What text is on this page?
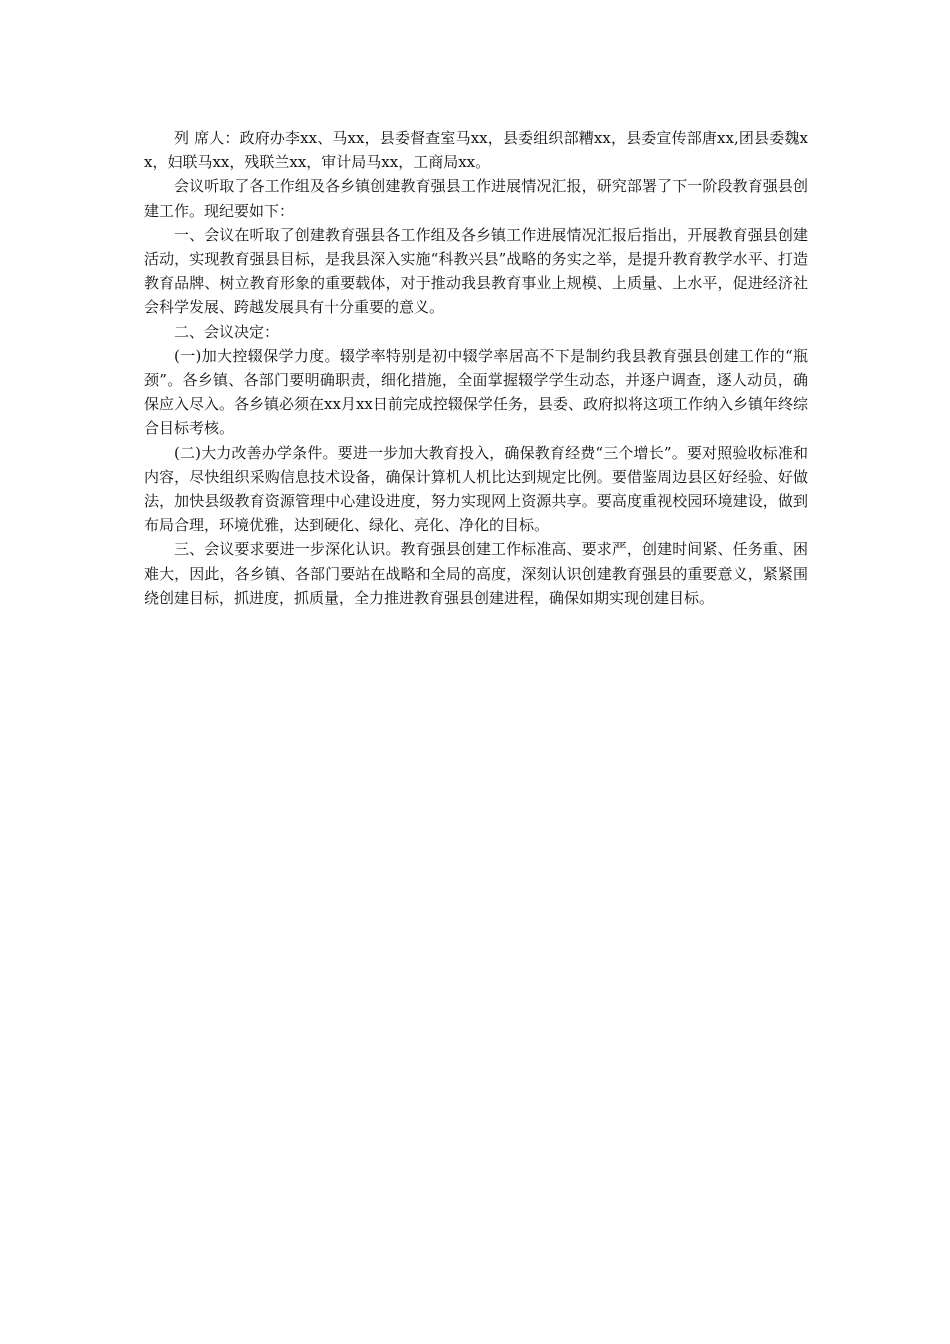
列 席人：政府办李xx、马xx，县委督查室马xx，县委组织部糟xx，县委宣传部唐xx,团县委魏xx，妇联马xx，残联兰xx，审计局马xx，工商局xx。

会议听取了各工作组及各乡镇创建教育强县工作进展情况汇报，研究部署了下一阶段教育强县创建工作。现纪要如下：

一、会议在听取了创建教育强县各工作组及各乡镇工作进展情况汇报后指出，开展教育强县创建活动，实现教育强县目标，是我县深入实施“科教兴县”战略的务实之举，是提升教育教学水平、打造教育品牌、树立教育形象的重要载体，对于推动我县教育事业上规模、上质量、上水平，促进经济社会科学发展、跨越发展具有十分重要的意义。

二、会议决定：

(一)加大控辍保学力度。辍学率特别是初中辍学率居高不下是制约我县教育强县创建工作的“瓶颈”。各乡镇、各部门要明确职责，细化措施，全面掌握辍学学生动态，并逐户调查，逐人动员，确保应入尽入。各乡镇必须在xx月xx日前完成控辍保学任务，县委、政府拟将这项工作纳入乡镇年终综合目标考核。

(二)大力改善办学条件。要进一步加大教育投入，确保教育经费“三个增长”。要对照验收标准和内容，尽快组织采购信息技术设备，确保计算机人机比达到规定比例。要借鉴周边县区好经验、好做法，加快县级教育资源管理中心建设进度，努力实现网上资源共享。要高度重视校园环境建设，做到布局合理，环境优雅，达到硬化、绿化、亮化、净化的目标。

三、会议要求要进一步深化认识。教育强县创建工作标准高、要求严，创建时间紧、任务重、困难大，因此，各乡镇、各部门要站在战略和全局的高度，深刻认识创建教育强县的重要意义，紧紧围绕创建目标，抓进度，抓质量，全力推进教育强县创建进程，确保如期实现创建目标。
